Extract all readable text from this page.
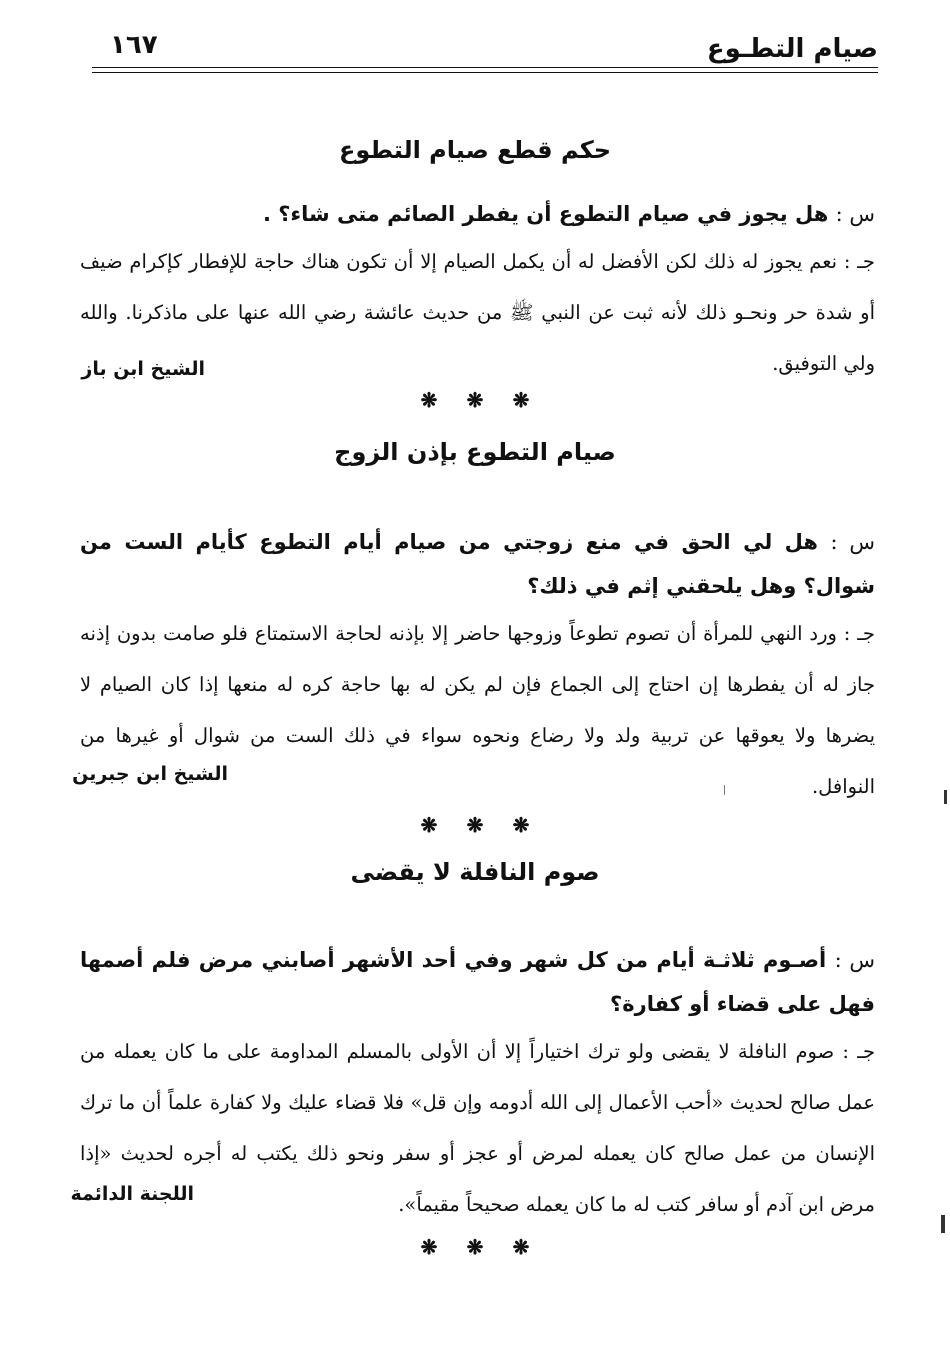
صيام التطـوع
١٦٧
حكم قطع صيام التطوع
س : هل يجوز في صيام التطوع أن يفطر الصائم متى شاء؟ .
جـ : نعم يجوز له ذلك لكن الأفضل له أن يكمل الصيام إلا أن تكون هناك حاجة للإفطار كإكرام ضيف أو شدة حر ونحـو ذلك لأنه ثبت عن النبي ﷺ من حديث عائشة رضي الله عنها على ماذكرنا. والله ولي التوفيق.
الشيخ ابن باز
❋ ❋ ❋
صيام التطوع بإذن الزوج
س : هل لي الحق في منع زوجتي من صيام أيام التطوع كأيام الست من شوال؟ وهل يلحقني إثم في ذلك؟
جـ : ورد النهي للمرأة أن تصوم تطوعاً وزوجها حاضر إلا بإذنه لحاجة الاستمتاع فلو صامت بدون إذنه جاز له أن يفطرها إن احتاج إلى الجماع فإن لم يكن له بها حاجة كره له منعها إذا كان الصيام لا يضرها ولا يعوقها عن تربية ولد ولا رضاع ونحوه سواء في ذلك الست من شوال أو غيرها من النوافل.
الشيخ ابن جبرين
❋ ❋ ❋
صوم النافلة لا يقضى
س : أصـوم ثلاثـة أيام من كل شهر وفي أحد الأشهر أصابني مرض فلم أصمها فهل على قضاء أو كفارة؟
جـ : صوم النافلة لا يقضى ولو ترك اختياراً إلا أن الأولى بالمسلم المداومة على ما كان يعمله من عمل صالح لحديث «أحب الأعمال إلى الله أدومه وإن قل» فلا قضاء عليك ولا كفارة علماً أن ما ترك الإنسان من عمل صالح كان يعمله لمرض أو عجز أو سفر ونحو ذلك يكتب له أجره لحديث «إذا مرض ابن آدم أو سافر كتب له ما كان يعمله صحيحاً مقيماً».
اللجنة الدائمة
❋ ❋ ❋
